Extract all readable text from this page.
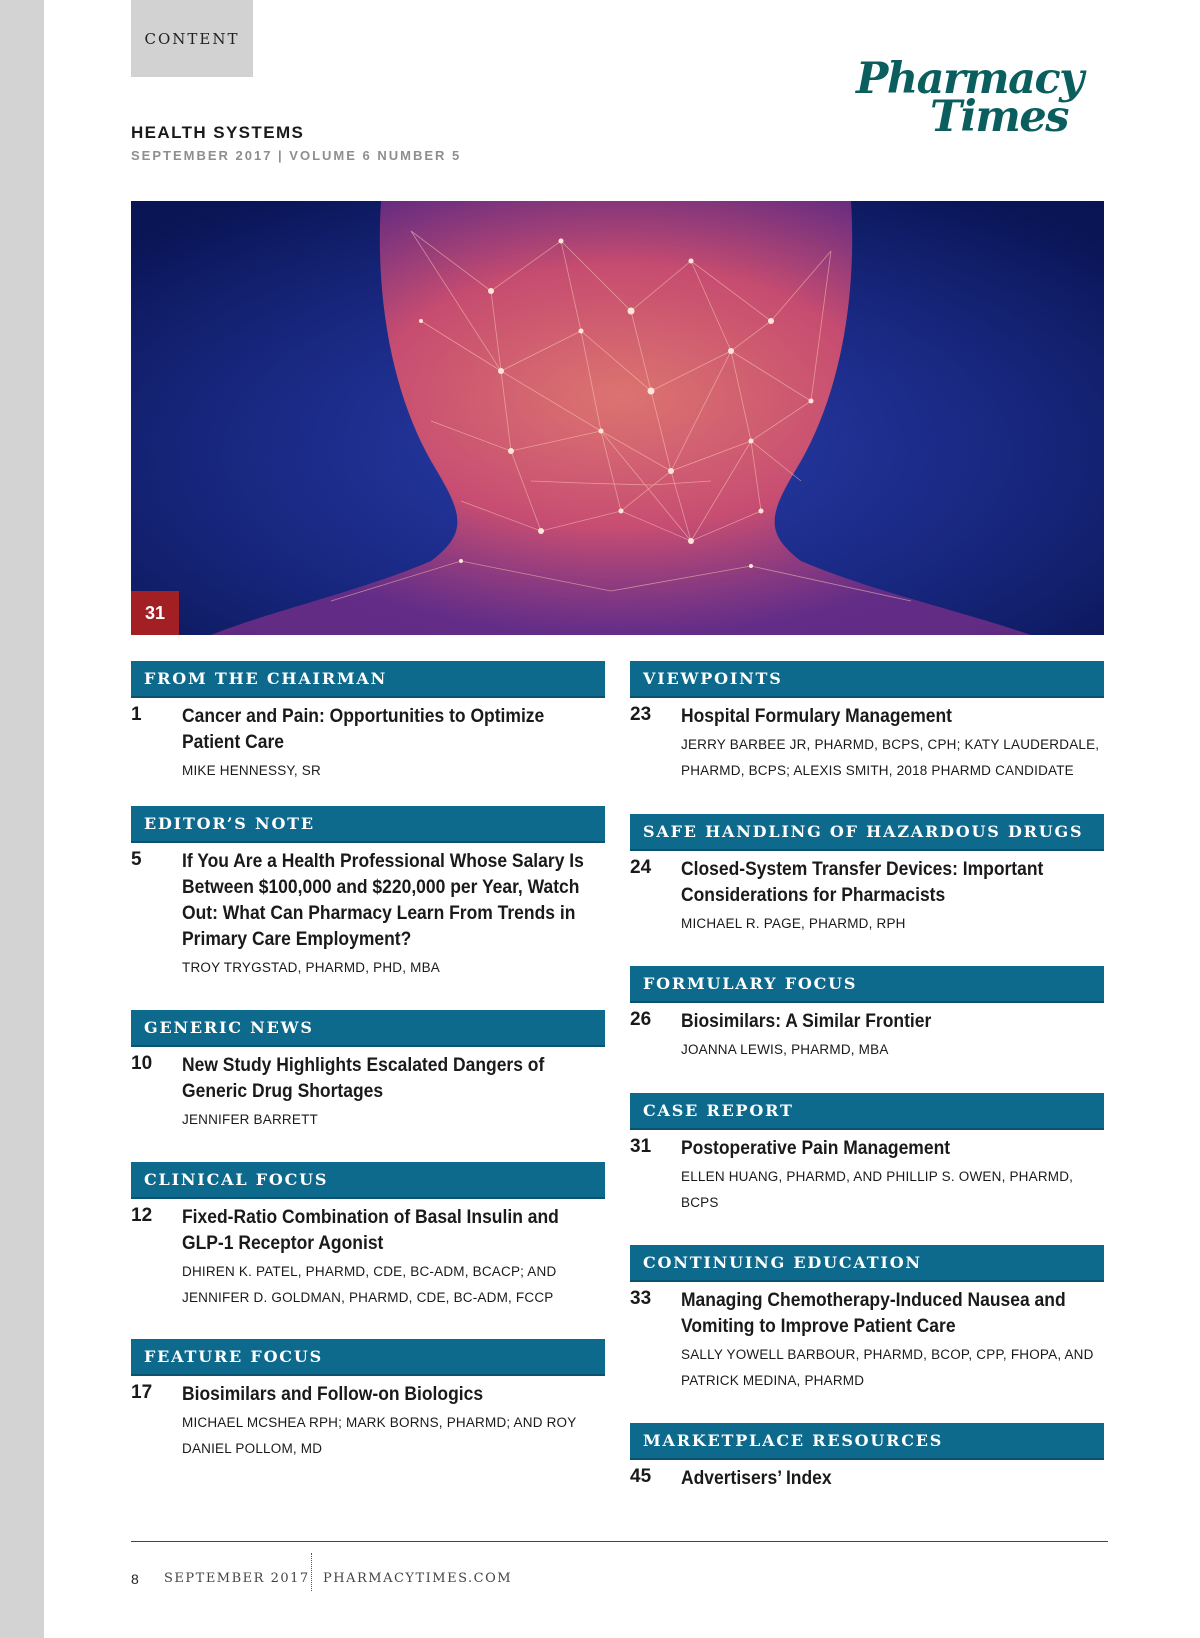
CONTENT
Pharmacy
Times
HEALTH SYSTEMS
SEPTEMBER 2017 | VOLUME 6 NUMBER 5
31
FROM THE CHAIRMAN
1 Cancer and Pain: Opportunities to Optimize Patient Care
MIKE HENNESSY, SR
EDITOR’S NOTE
5 If You Are a Health Professional Whose Salary Is Between $100,000 and $220,000 per Year, Watch Out: What Can Pharmacy Learn From Trends in Primary Care Employment?
TROY TRYGSTAD, PHARMD, PHD, MBA
GENERIC NEWS
10 New Study Highlights Escalated Dangers of Generic Drug Shortages
JENNIFER BARRETT
CLINICAL FOCUS
12 Fixed-Ratio Combination of Basal Insulin and GLP-1 Receptor Agonist
DHIREN K. PATEL, PHARMD, CDE, BC-ADM, BCACP; AND JENNIFER D. GOLDMAN, PHARMD, CDE, BC-ADM, FCCP
FEATURE FOCUS
17 Biosimilars and Follow-on Biologics
MICHAEL MCSHEA RPH; MARK BORNS, PHARMD; AND ROY DANIEL POLLOM, MD
VIEWPOINTS
23 Hospital Formulary Management
JERRY BARBEE JR, PHARMD, BCPS, CPH; KATY LAUDERDALE, PHARMD, BCPS; ALEXIS SMITH, 2018 PHARMD CANDIDATE
SAFE HANDLING OF HAZARDOUS DRUGS
24 Closed-System Transfer Devices: Important Considerations for Pharmacists
MICHAEL R. PAGE, PHARMD, RPH
FORMULARY FOCUS
26 Biosimilars: A Similar Frontier
JOANNA LEWIS, PHARMD, MBA
CASE REPORT
31 Postoperative Pain Management
ELLEN HUANG, PHARMD, AND PHILLIP S. OWEN, PHARMD, BCPS
CONTINUING EDUCATION
33 Managing Chemotherapy-Induced Nausea and Vomiting to Improve Patient Care
SALLY YOWELL BARBOUR, PHARMD, BCOP, CPP, FHOPA, AND PATRICK MEDINA, PHARMD
MARKETPLACE RESOURCES
45 Advertisers’ Index
8 SEPTEMBER 2017 PHARMACYTIMES.COM
